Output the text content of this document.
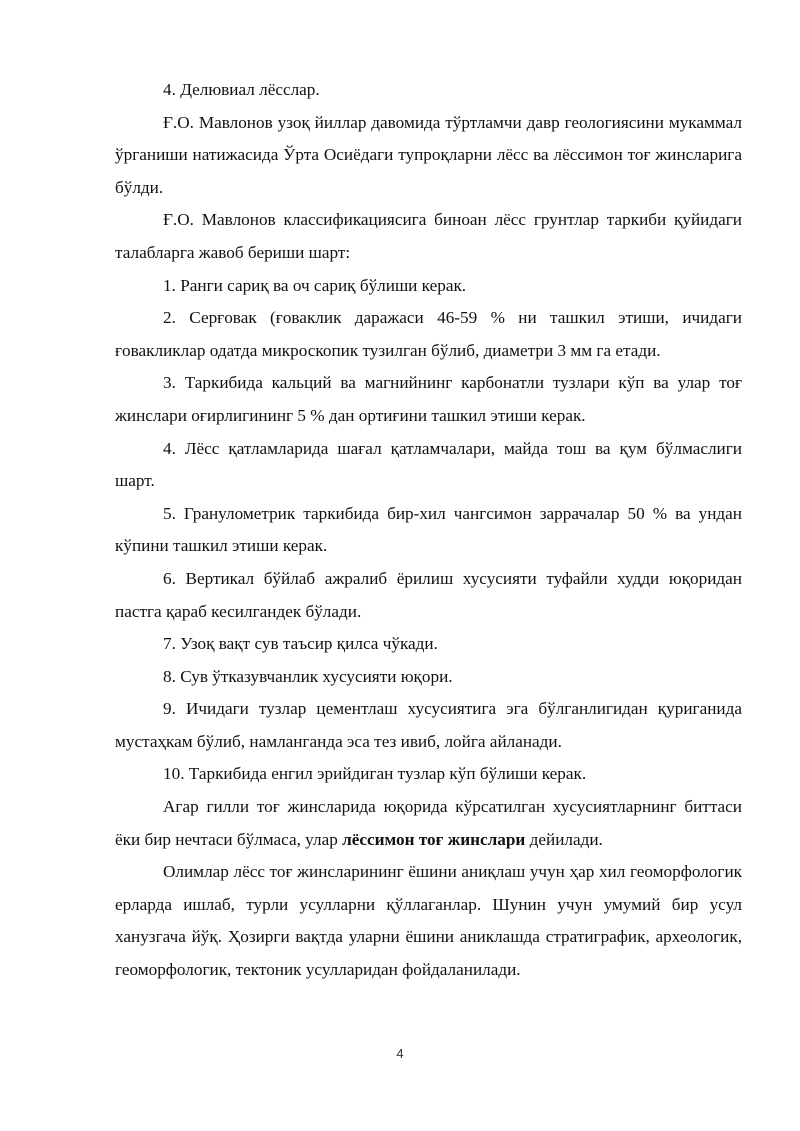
4. Делювиал лёсслар.

Ғ.О. Мавлонов узоқ йиллар давомида тўртламчи давр геологиясини мукаммал ўрганиши натижасида Ўрта Осиёдаги тупроқларни лёсс ва лёссимон тоғ жинсларига бўлди.

Ғ.О. Мавлонов классификациясига биноан лёсс грунтлар таркиби қуйидаги талабларга жавоб бериши шарт:

1. Ранги сариқ ва оч сариқ бўлиши керак.

2. Серғовак (ғоваклик даражаси 46-59 % ни ташкил этиши, ичидаги ғовакликлар одатда микроскопик тузилган бўлиб, диаметри 3 мм га етади.

3. Таркибида кальций ва магнийнинг карбонатли тузлари кўп ва улар тоғ жинслари оғирлигининг 5 % дан ортиғини ташкил этиши керак.

4. Лёсс қатламларида шағал қатламчалари, майда тош ва қум бўлмаслиги шарт.

5. Гранулометрик таркибида бир-хил чангсимон заррачалар 50 % ва ундан кўпини ташкил этиши керак.

6. Вертикал бўйлаб ажралиб ёрилиш хусусияти туфайли худди юқоридан пастга қараб кесилгандек бўлади.

7. Узоқ вақт сув таъсир қилса чўкади.

8. Сув ўтказувчанлик хусусияти юқори.

9. Ичидаги тузлар цементлаш хусусиятига эга бўлганлигидан қуриганида мустаҳкам бўлиб, намланганда эса тез ивиб, лойга айланади.

10. Таркибида енгил эрийдиган тузлар кўп бўлиши керак.

Агар гилли тоғ жинсларида юқорида кўрсатилган хусусиятларнинг биттаси ёки бир нечтаси бўлмаса, улар лёссимон тоғ жинслари дейилади.

Олимлар лёсс тоғ жинсларининг ёшини аниқлаш учун ҳар хил геоморфологик ерларда ишлаб, турли усулларни қўллаганлар. Шунин учун умумий бир усул ханузгача йўқ. Ҳозирги вақтда уларни ёшини аниклашда стратиграфик, археологик, геоморфологик, тектоник усулларидан фойдаланилади.

4
